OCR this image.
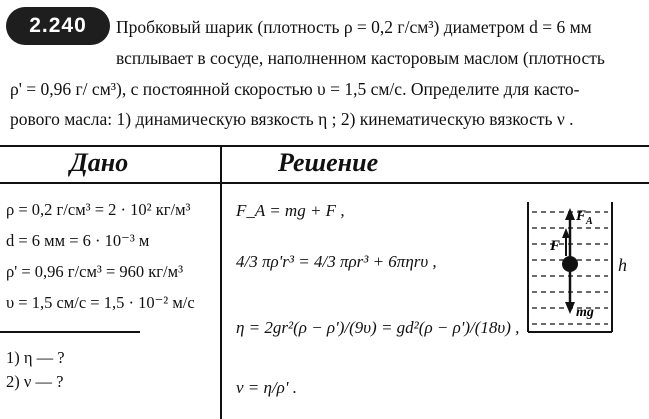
2.240	Пробковый шарик (плотность ρ = 0,2 г/см³) диаметром d = 6 мм
всплывает в сосуде, наполненном касторовым маслом (плотность
ρ' = 0,96 г/ см³), с постоянной скоростью υ = 1,5 см/с. Определите для касто-
рового масла: 1) динамическую вязкость η ; 2) кинематическую вязкость ν .
Дано	Решение
ρ = 0,2 г/см³ = 2 · 10² кг/м³
d = 6 мм = 6 · 10⁻³ м
ρ' = 0,96 г/см³ = 960 кг/м³
υ = 1,5 см/с = 1,5 · 10⁻² м/с
1) η — ?
2) ν — ?
F_A = mg + F ,
4/3 πρ'r³ = 4/3 πρr³ + 6πηrυ ,
η = 2gr²(ρ − ρ')/(9υ) = gd²(ρ − ρ')/(18υ) ,
ν = η/ρ' .
F A
F
mg
h
